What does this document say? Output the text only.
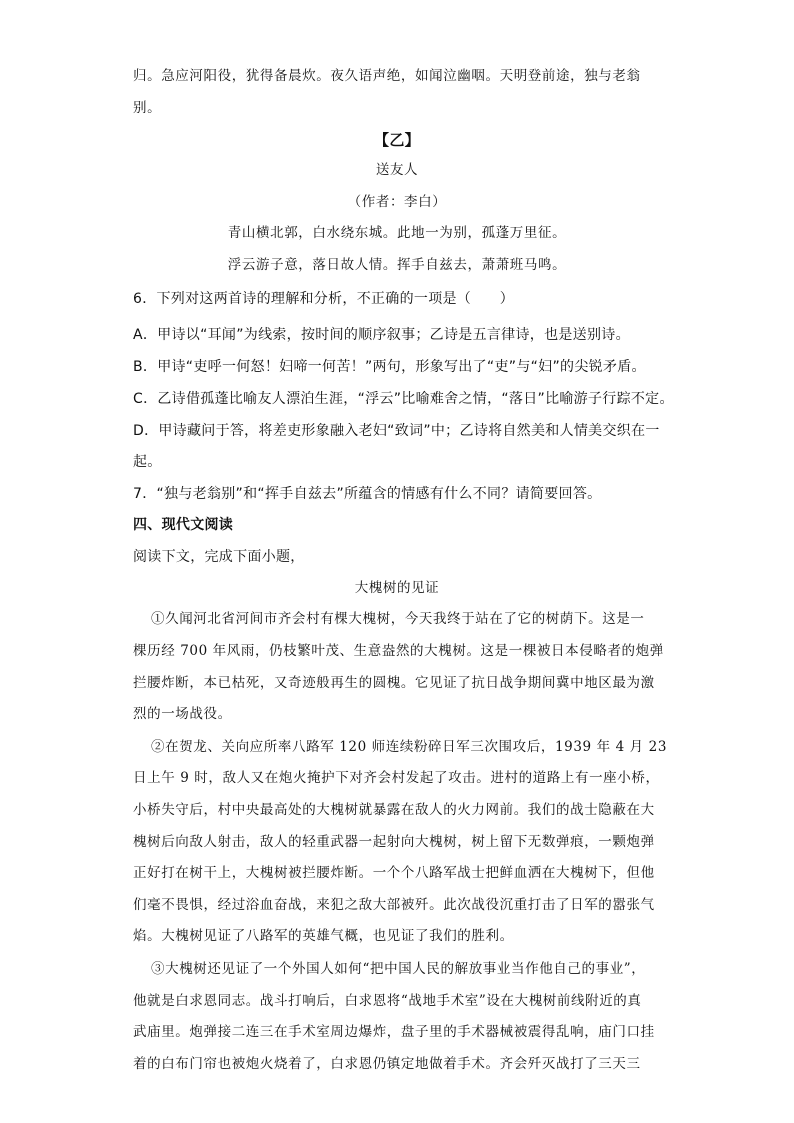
归。急应河阳役，犹得备晨炊。夜久语声绝，如闻泣幽咽。天明登前途，独与老翁
别。
【乙】
送友人
（作者：李白）
青山横北郭，白水绕东城。此地一为别，孤蓬万里征。
浮云游子意，落日故人情。挥手自兹去，萧萧班马鸣。
6．下列对这两首诗的理解和分析，不正确的一项是（　　）
A．甲诗以“耳闻”为线索，按时间的顺序叙事；乙诗是五言律诗，也是送别诗。
B．甲诗“吏呼一何怒！妇啼一何苦！”两句，形象写出了“吏”与“妇”的尖锐矛盾。
C．乙诗借孤蓬比喻友人漂泊生涯，“浮云”比喻难舍之情，“落日”比喻游子行踪不定。
D．甲诗藏问于答，将差吏形象融入老妇“致词”中；乙诗将自然美和人情美交织在一
起。
7．“独与老翁别”和“挥手自兹去”所蕴含的情感有什么不同？请简要回答。
四、现代文阅读
阅读下文，完成下面小题，
大槐树的见证
①久闻河北省河间市齐会村有棵大槐树，今天我终于站在了它的树荫下。这是一
棵历经 700 年风雨，仍枝繁叶茂、生意盎然的大槐树。这是一棵被日本侵略者的炮弹
拦腰炸断，本已枯死，又奇迹般再生的圆槐。它见证了抗日战争期间冀中地区最为激
烈的一场战役。
②在贺龙、关向应所率八路军 120 师连续粉碎日军三次围攻后，1939 年 4 月 23
日上午 9 时，敌人又在炮火掩护下对齐会村发起了攻击。进村的道路上有一座小桥，
小桥失守后，村中央最高处的大槐树就暴露在敌人的火力网前。我们的战士隐蔽在大
槐树后向敌人射击，敌人的轻重武器一起射向大槐树，树上留下无数弹痕，一颗炮弹
正好打在树干上，大槐树被拦腰炸断。一个个八路军战士把鲜血洒在大槐树下，但他
们毫不畏惧，经过浴血奋战，来犯之敌大部被歼。此次战役沉重打击了日军的嚣张气
焰。大槐树见证了八路军的英雄气概，也见证了我们的胜利。
③大槐树还见证了一个外国人如何“把中国人民的解放事业当作他自己的事业”，
他就是白求恩同志。战斗打响后，白求恩将“战地手术室”设在大槐树前线附近的真
武庙里。炮弹接二连三在手术室周边爆炸，盘子里的手术器械被震得乱响，庙门口挂
着的白布门帘也被炮火烧着了，白求恩仍镇定地做着手术。齐会歼灭战打了三天三
